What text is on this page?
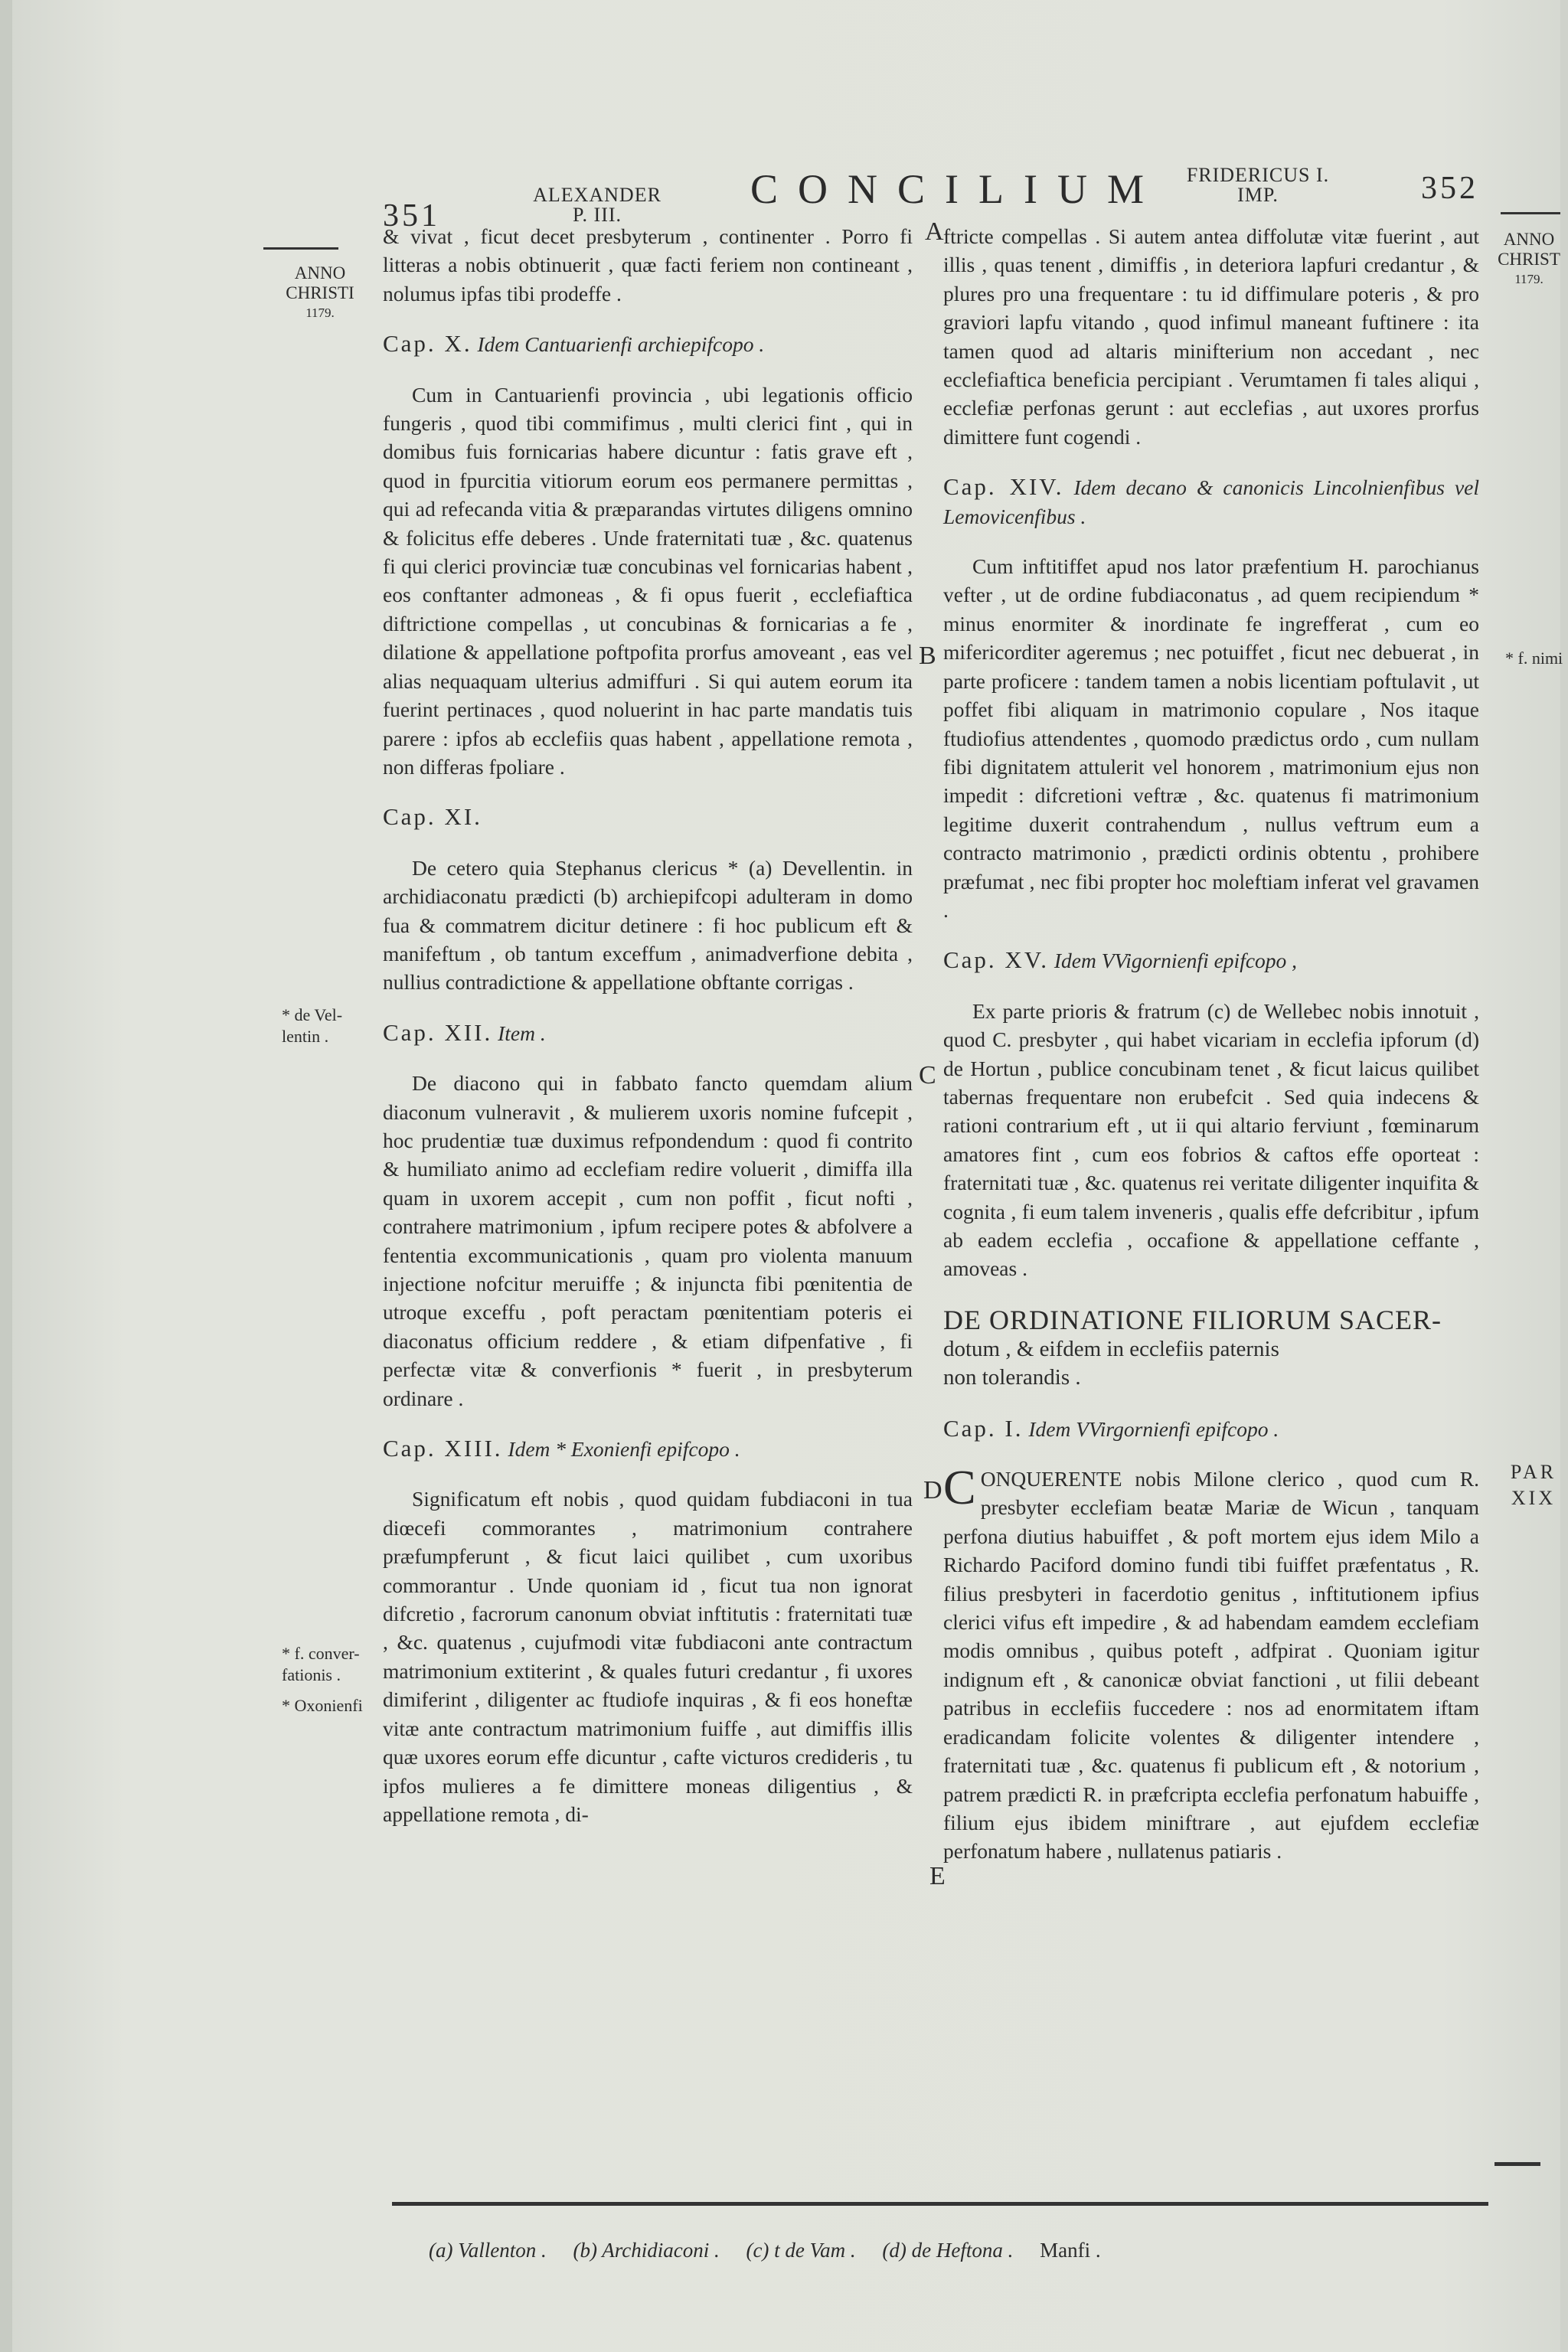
351
ALEXANDER
P. III.
CONCILIUM	FRIDERICUS I.
IMP.	352
ANNO
CHRISTI
1179.
* de Vel-
lentin .
* f. conver-
fationis .
* Oxonienfi
ANNO
CHRIST
1179.
* f. nimi
PAR
XIX
A
B
C
D
E

& vivat , ficut decet presbyterum , continenter . Porro fi litteras a nobis obtinuerit , quæ facti feriem non contineant , nolumus ipfas tibi prodeffe .

Cap. X. Idem Cantuarienfi archiepifcopo .

Cum in Cantuarienfi provincia , ubi legationis officio fungeris , quod tibi commifimus , multi clerici fint , qui in domibus fuis fornicarias habere dicuntur : fatis grave eft , quod in fpurcitia vitiorum eorum eos permanere permittas , qui ad refecanda vitia & præparandas virtutes diligens omnino & folicitus effe deberes . Unde fraternitati tuæ , &c. quatenus fi qui clerici provinciæ tuæ concubinas vel fornicarias habent , eos conftanter admoneas , & fi opus fuerit , ecclefiaftica diftrictione compellas , ut concubinas & fornicarias a fe , dilatione & appellatione poftpofita prorfus amoveant , eas vel alias nequaquam ulterius admiffuri . Si qui autem eorum ita fuerint pertinaces , quod noluerint in hac parte mandatis tuis parere : ipfos ab ecclefiis quas habent , appellatione remota , non differas fpoliare .

Cap. XI.

De cetero quia Stephanus clericus * (a) Devellentin. in archidiaconatu prædicti (b) archiepifcopi adulteram in domo fua & commatrem dicitur detinere : fi hoc publicum eft & manifeftum , ob tantum exceffum , animadverfione debita , nullius contradictione & appellatione obftante corrigas .

Cap. XII. Item .

De diacono qui in fabbato fancto quemdam alium diaconum vulneravit , & mulierem uxoris nomine fufcepit , hoc prudentiæ tuæ duximus refpondendum : quod fi contrito & humiliato animo ad ecclefiam redire voluerit , dimiffa illa quam in uxorem accepit , cum non poffit , ficut nofti , contrahere matrimonium , ipfum recipere potes & abfolvere a fententia excommunicationis , quam pro violenta manuum injectione nofcitur meruiffe ; & injuncta fibi pœnitentia de utroque exceffu , poft peractam pœnitentiam poteris ei diaconatus officium reddere , & etiam difpenfative , fi perfectæ vitæ & converfionis * fuerit , in presbyterum ordinare .

Cap. XIII. Idem * Exonienfi epifcopo .

Significatum eft nobis , quod quidam fubdiaconi in tua diœcefi commorantes , matrimonium contrahere præfumpferunt , & ficut laici quilibet , cum uxoribus commorantur . Unde quoniam id , ficut tua non ignorat difcretio , facrorum canonum obviat inftitutis : fraternitati tuæ , &c. quatenus , cujufmodi vitæ fubdiaconi ante contractum matrimonium extiterint , & quales futuri credantur , fi uxores dimiferint , diligenter ac ftudiofe inquiras , & fi eos honeftæ vitæ ante contractum matrimonium fuiffe , aut dimiffis illis quæ uxores eorum effe dicuntur , cafte victuros credideris , tu ipfos mulieres a fe dimittere moneas diligentius , & appellatione remota , di-

ftricte compellas . Si autem antea diffolutæ vitæ fuerint , aut illis , quas tenent , dimiffis , in deteriora lapfuri credantur , & plures pro una frequentare : tu id diffimulare poteris , & pro graviori lapfu vitando , quod infimul maneant fuftinere : ita tamen quod ad altaris minifterium non accedant , nec ecclefiaftica beneficia percipiant . Verumtamen fi tales aliqui , ecclefiæ perfonas gerunt : aut ecclefias , aut uxores prorfus dimittere funt cogendi .

Cap. XIV. Idem decano & canonicis Lincolnienfibus vel Lemovicenfibus .

Cum inftitiffet apud nos lator præfentium H. parochianus vefter , ut de ordine fubdiaconatus , ad quem recipiendum * minus enormiter & inordinate fe ingrefferat , cum eo mifericorditer ageremus ; nec potuiffet , ficut nec debuerat , in parte proficere : tandem tamen a nobis licentiam poftulavit , ut poffet fibi aliquam in matrimonio copulare , Nos itaque ftudiofius attendentes , quomodo prædictus ordo , cum nullam fibi dignitatem attulerit vel honorem , matrimonium ejus non impedit : difcretioni veftræ , &c. quatenus fi matrimonium legitime duxerit contrahendum , nullus veftrum eum a contracto matrimonio , prædicti ordinis obtentu , prohibere præfumat , nec fibi propter hoc moleftiam inferat vel gravamen .

Cap. XV. Idem VVigornienfi epifcopo ,

Ex parte prioris & fratrum (c) de Wellebec nobis innotuit , quod C. presbyter , qui habet vicariam in ecclefia ipforum (d) de Hortun , publice concubinam tenet , & ficut laicus quilibet tabernas frequentare non erubefcit . Sed quia indecens & rationi contrarium eft , ut ii qui altario ferviunt , fœminarum amatores fint , cum eos fobrios & caftos effe oporteat : fraternitati tuæ , &c. quatenus rei veritate diligenter inquifita & cognita , fi eum talem inveneris , qualis effe defcribitur , ipfum ab eadem ecclefia , occafione & appellatione ceffante , amoveas .

DE ORDINATIONE FILIORUM SACER-

dotum , & eifdem in ecclefiis paternis

non tolerandis .

Cap. I. Idem VVirgornienfi epifcopo .

CONQUERENTE nobis Milone clerico , quod cum R. presbyter ecclefiam beatæ Mariæ de Wicun , tanquam perfona diutius habuiffet , & poft mortem ejus idem Milo a Richardo Paciford domino fundi tibi fuiffet præfentatus , R. filius presbyteri in facerdotio genitus , inftitutionem ipfius clerici vifus eft impedire , & ad habendam eamdem ecclefiam modis omnibus , quibus poteft , adfpirat . Quoniam igitur indignum eft , & canonicæ obviat fanctioni , ut filii debeant patribus in ecclefiis fuccedere : nos ad enormitatem iftam eradicandam folicite volentes & diligenter intendere , fraternitati tuæ , &c. quatenus fi publicum eft , & notorium , patrem prædicti R. in præfcripta ecclefia perfonatum habuiffe , filium ejus ibidem miniftrare , aut ejufdem ecclefiæ perfonatum habere , nullatenus patiaris .

(a) Vallenton . (b) Archidiaconi . (c) t de Vam . (d) de Heftona . Manfi .
